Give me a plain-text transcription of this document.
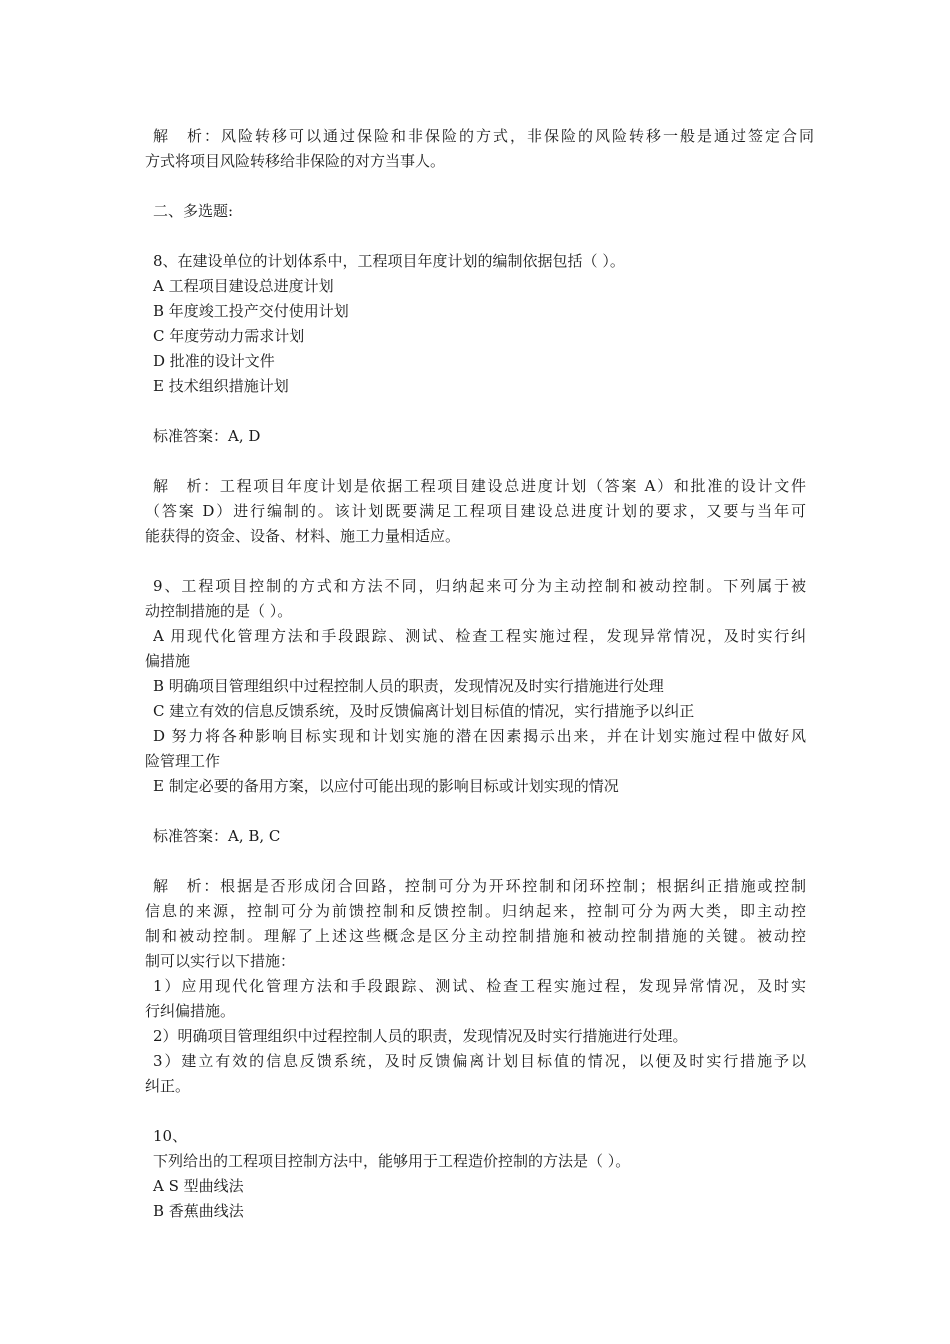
解　析：风险转移可以通过保险和非保险的方式，非保险的风险转移一般是通过签定合同
方式将项目风险转移给非保险的对方当事人。
二、多选题:
8、在建设单位的计划体系中，工程项目年度计划的编制依据包括（ ）。
A 工程项目建设总进度计划
B 年度竣工投产交付使用计划
C 年度劳动力需求计划
D 批准的设计文件
E 技术组织措施计划
标准答案：A, D
解　析：工程项目年度计划是依据工程项目建设总进度计划（答案 A）和批准的设计文件
（答案 D）进行编制的。该计划既要满足工程项目建设总进度计划的要求，又要与当年可
能获得的资金、设备、材料、施工力量相适应。
9、工程项目控制的方式和方法不同，归纳起来可分为主动控制和被动控制。下列属于被
动控制措施的是（ ）。
A 用现代化管理方法和手段跟踪、测试、检查工程实施过程，发现异常情况，及时实行纠
偏措施
B 明确项目管理组织中过程控制人员的职责，发现情况及时实行措施进行处理
C 建立有效的信息反馈系统，及时反馈偏离计划目标值的情况，实行措施予以纠正
D 努力将各种影响目标实现和计划实施的潜在因素揭示出来，并在计划实施过程中做好风
险管理工作
E 制定必要的备用方案，以应付可能出现的影响目标或计划实现的情况
标准答案：A, B, C
解　析：根据是否形成闭合回路，控制可分为开环控制和闭环控制；根据纠正措施或控制
信息的来源，控制可分为前馈控制和反馈控制。归纳起来，控制可分为两大类，即主动控
制和被动控制。理解了上述这些概念是区分主动控制措施和被动控制措施的关键。被动控
制可以实行以下措施：
1）应用现代化管理方法和手段跟踪、测试、检查工程实施过程，发现异常情况，及时实
行纠偏措施。
2）明确项目管理组织中过程控制人员的职责，发现情况及时实行措施进行处理。
3）建立有效的信息反馈系统，及时反馈偏离计划目标值的情况，以便及时实行措施予以
纠正。
10、
下列给出的工程项目控制方法中，能够用于工程造价控制的方法是（ ）。
A S 型曲线法
B 香蕉曲线法
